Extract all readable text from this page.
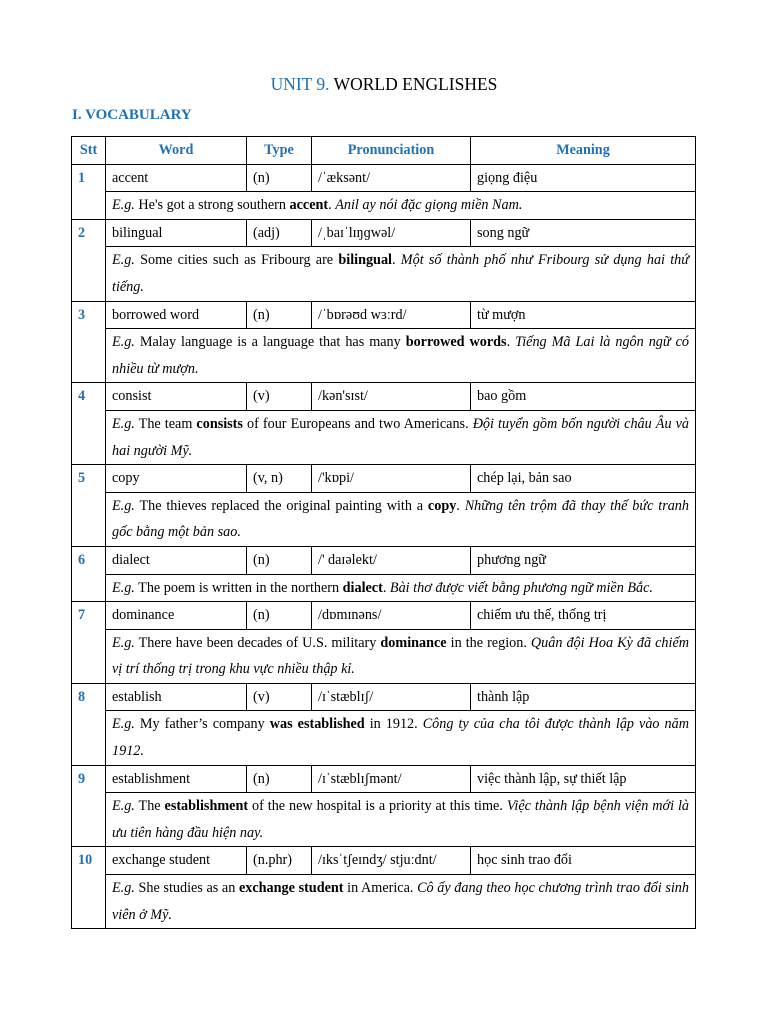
UNIT 9. WORLD ENGLISHES
I. VOCABULARY
Stt	Word	Type	Pronunciation	Meaning
1	accent	(n)	/ˈæksənt/	giọng điệu
	E.g. He's got a strong southern accent. Anil ay nói đặc giọng miền Nam.			
2	bilingual	(adj)	/ˌbaɪˈlɪŋɡwəl/	song ngữ
	E.g. Some cities such as Fribourg are bilingual. Một số thành phố như Fribourg sử dụng hai thứ tiếng.			
3	borrowed word	(n)	/ˈbɒrəʊd wɜːrd/	từ mượn
	E.g. Malay language is a language that has many borrowed words. Tiếng Mã Lai là ngôn ngữ có nhiều từ mượn.			
4	consist	(v)	/kən'sɪst/	bao gồm
	E.g. The team consists of four Europeans and two Americans. Đội tuyển gồm bốn người châu Âu và hai người Mỹ.			
5	copy	(v, n)	/'kɒpi/	chép lại, bản sao
	E.g. The thieves replaced the original painting with a copy. Những tên trộm đã thay thế bức tranh gốc bằng một bản sao.			
6	dialect	(n)	/' daɪəlekt/	phương ngữ
	E.g. The poem is written in the northern dialect. Bài thơ được viết bằng phương ngữ miền Bắc.			
7	dominance	(n)	/dɒmɪnəns/	chiếm ưu thế, thống trị
	E.g. There have been decades of U.S. military dominance in the region. Quân đội Hoa Kỳ đã chiếm vị trí thống trị trong khu vực nhiều thập kỉ.			
8	establish	(v)	/ɪˈstæblɪʃ/	thành lập
	E.g. My father’s company was established in 1912. Công ty của cha tôi được thành lập vào năm 1912.			
9	establishment	(n)	/ɪˈstæblɪʃmənt/	việc thành lập, sự thiết lập
	E.g. The establishment of the new hospital is a priority at this time. Việc thành lập bệnh viện mới là ưu tiên hàng đầu hiện nay.			
10	exchange student	(n.phr)	/ɪksˈtʃeɪndʒ/ stjuːdnt/	học sinh trao đổi
	E.g. She studies as an exchange student in America. Cô ấy đang theo học chương trình trao đổi sinh viên ở Mỹ.			
